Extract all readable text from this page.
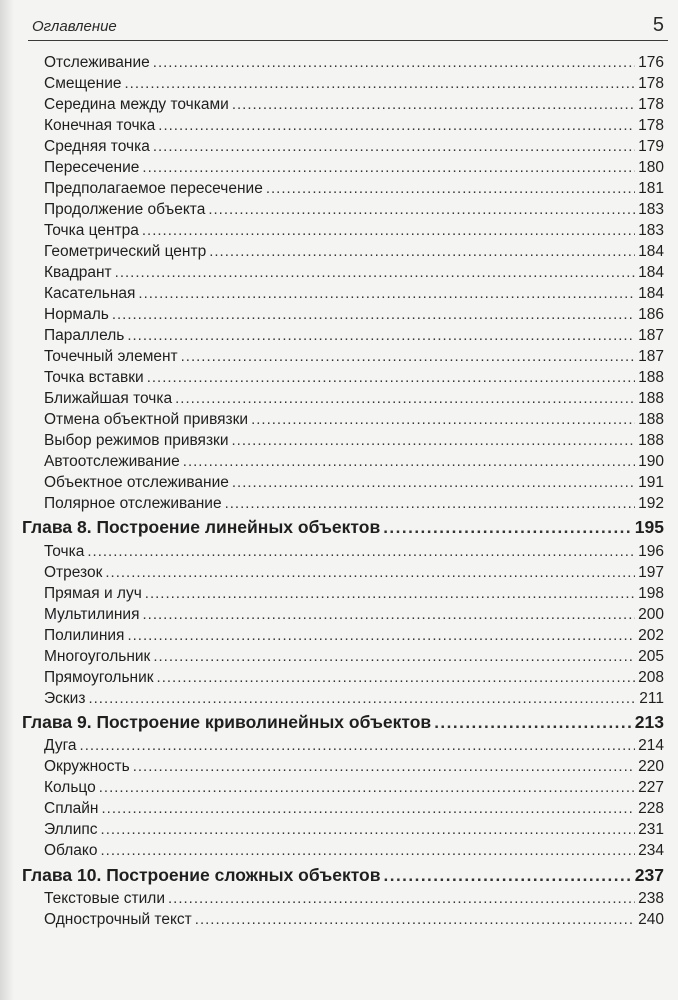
Оглавление	5
Отслеживание .....	176
Смещение .....	178
Середина между точками .....	178
Конечная точка .....	178
Средняя точка .....	179
Пересечение .....	180
Предполагаемое пересечение .....	181
Продолжение объекта .....	183
Точка центра .....	183
Геометрический центр .....	184
Квадрант .....	184
Касательная .....	184
Нормаль .....	186
Параллель .....	187
Точечный элемент .....	187
Точка вставки .....	188
Ближайшая точка .....	188
Отмена объектной привязки .....	188
Выбор режимов привязки .....	188
Автоотслеживание .....	190
Объектное отслеживание .....	191
Полярное отслеживание .....	192
Глава 8. Построение линейных объектов .....	195
Точка .....	196
Отрезок .....	197
Прямая и луч .....	198
Мультилиния .....	200
Полилиния .....	202
Многоугольник .....	205
Прямоугольник .....	208
Эскиз .....	211
Глава 9. Построение криволинейных объектов .....	213
Дуга .....	214
Окружность .....	220
Кольцо .....	227
Сплайн .....	228
Эллипс .....	231
Облако .....	234
Глава 10. Построение сложных объектов .....	237
Текстовые стили .....	238
Однострочный текст .....	240
